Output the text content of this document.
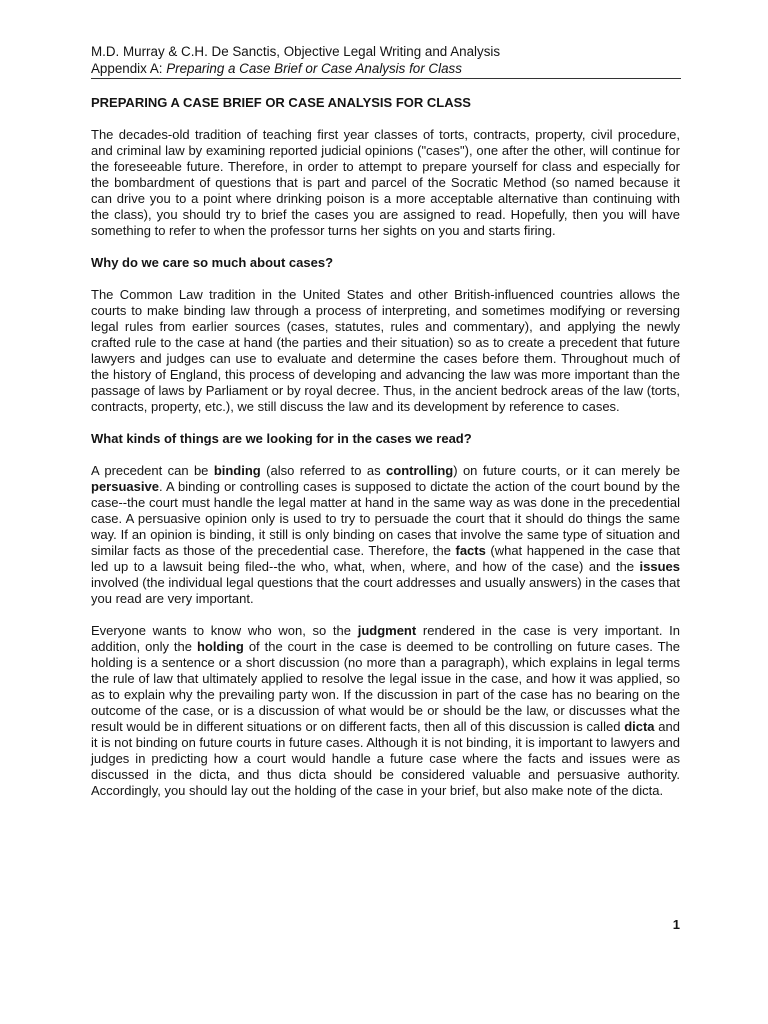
M.D. Murray & C.H. De Sanctis, Objective Legal Writing and Analysis
Appendix A: Preparing a Case Brief or Case Analysis for Class
PREPARING A CASE BRIEF OR CASE ANALYSIS FOR CLASS

The decades-old tradition of teaching first year classes of torts, contracts, property, civil procedure, and criminal law by examining reported judicial opinions ("cases"), one after the other, will continue for the foreseeable future. Therefore, in order to attempt to prepare yourself for class and especially for the bombardment of questions that is part and parcel of the Socratic Method (so named because it can drive you to a point where drinking poison is a more acceptable alternative than continuing with the class), you should try to brief the cases you are assigned to read. Hopefully, then you will have something to refer to when the professor turns her sights on you and starts firing.

Why do we care so much about cases?

The Common Law tradition in the United States and other British-influenced countries allows the courts to make binding law through a process of interpreting, and sometimes modifying or reversing legal rules from earlier sources (cases, statutes, rules and commentary), and applying the newly crafted rule to the case at hand (the parties and their situation) so as to create a precedent that future lawyers and judges can use to evaluate and determine the cases before them. Throughout much of the history of England, this process of developing and advancing the law was more important than the passage of laws by Parliament or by royal decree. Thus, in the ancient bedrock areas of the law (torts, contracts, property, etc.), we still discuss the law and its development by reference to cases.

What kinds of things are we looking for in the cases we read?

A precedent can be binding (also referred to as controlling) on future courts, or it can merely be persuasive. A binding or controlling cases is supposed to dictate the action of the court bound by the case--the court must handle the legal matter at hand in the same way as was done in the precedential case. A persuasive opinion only is used to try to persuade the court that it should do things the same way. If an opinion is binding, it still is only binding on cases that involve the same type of situation and similar facts as those of the precedential case. Therefore, the facts (what happened in the case that led up to a lawsuit being filed--the who, what, when, where, and how of the case) and the issues involved (the individual legal questions that the court addresses and usually answers) in the cases that you read are very important.

Everyone wants to know who won, so the judgment rendered in the case is very important. In addition, only the holding of the court in the case is deemed to be controlling on future cases. The holding is a sentence or a short discussion (no more than a paragraph), which explains in legal terms the rule of law that ultimately applied to resolve the legal issue in the case, and how it was applied, so as to explain why the prevailing party won. If the discussion in part of the case has no bearing on the outcome of the case, or is a discussion of what would be or should be the law, or discusses what the result would be in different situations or on different facts, then all of this discussion is called dicta and it is not binding on future courts in future cases. Although it is not binding, it is important to lawyers and judges in predicting how a court would handle a future case where the facts and issues were as discussed in the dicta, and thus dicta should be considered valuable and persuasive authority. Accordingly, you should lay out the holding of the case in your brief, but also make note of the dicta.

1
